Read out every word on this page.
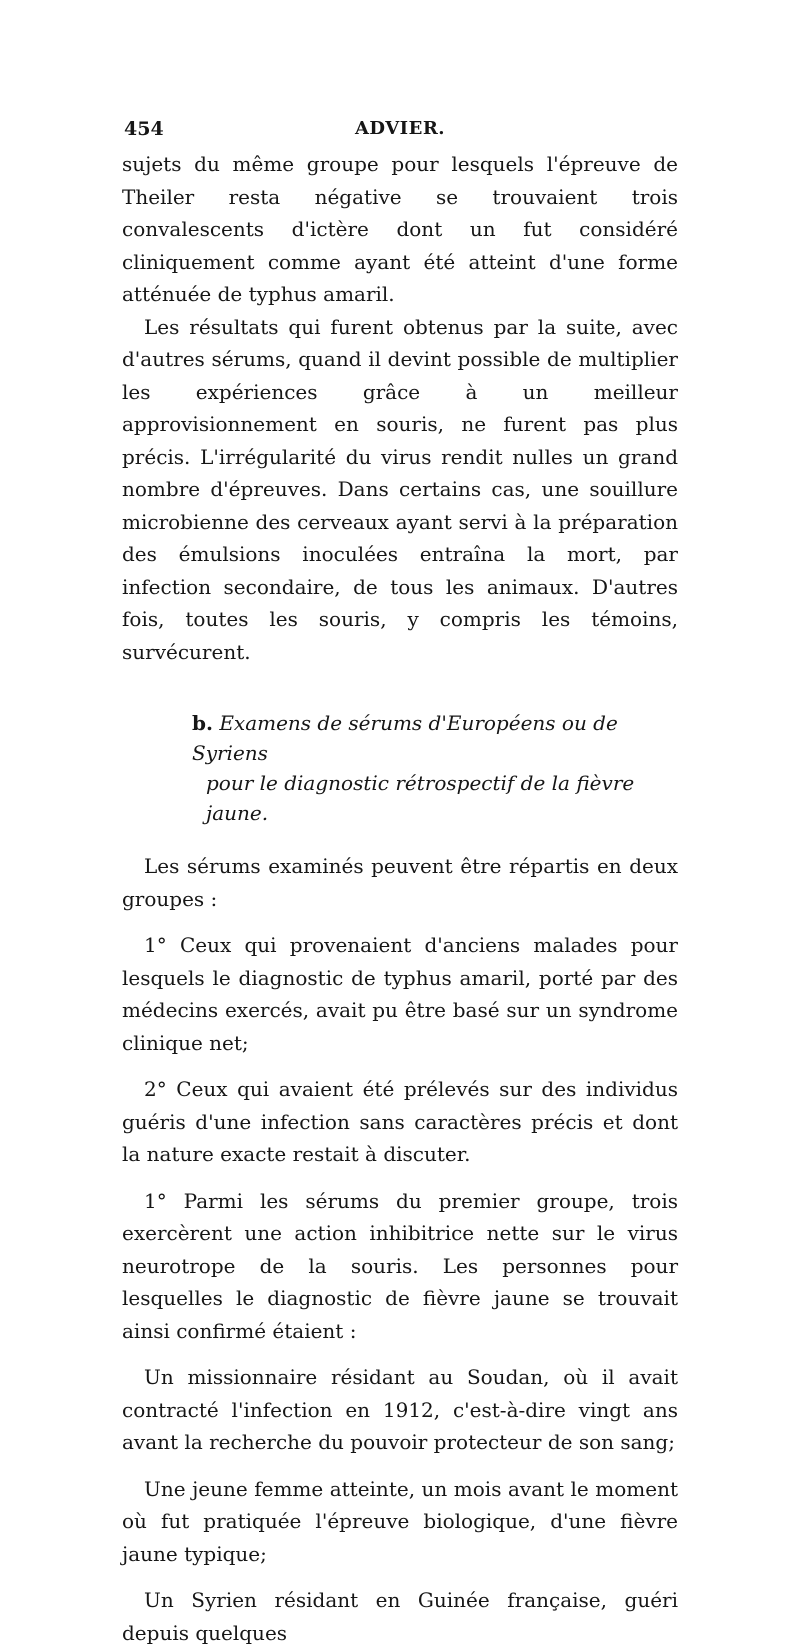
454	ADVIER.

sujets du même groupe pour lesquels l'épreuve de Theiler resta négative se trouvaient trois convalescents d'ictère dont un fut considéré cliniquement comme ayant été atteint d'une forme atténuée de typhus amaril.

Les résultats qui furent obtenus par la suite, avec d'autres sérums, quand il devint possible de multiplier les expériences grâce à un meilleur approvisionnement en souris, ne furent pas plus précis. L'irrégularité du virus rendit nulles un grand nombre d'épreuves. Dans certains cas, une souillure microbienne des cerveaux ayant servi à la préparation des émulsions inoculées entraîna la mort, par infection secondaire, de tous les animaux. D'autres fois, toutes les souris, y compris les témoins, survécurent.

b. Examens de sérums d'Européens ou de Syriens
pour le diagnostic rétrospectif de la fièvre jaune.

Les sérums examinés peuvent être répartis en deux groupes :

1° Ceux qui provenaient d'anciens malades pour lesquels le diagnostic de typhus amaril, porté par des médecins exercés, avait pu être basé sur un syndrome clinique net;

2° Ceux qui avaient été prélevés sur des individus guéris d'une infection sans caractères précis et dont la nature exacte restait à discuter.

1° Parmi les sérums du premier groupe, trois exercèrent une action inhibitrice nette sur le virus neurotrope de la souris. Les personnes pour lesquelles le diagnostic de fièvre jaune se trouvait ainsi confirmé étaient :

Un missionnaire résidant au Soudan, où il avait contracté l'infection en 1912, c'est-à-dire vingt ans avant la recherche du pouvoir protecteur de son sang;

Une jeune femme atteinte, un mois avant le moment où fut pratiquée l'épreuve biologique, d'une fièvre jaune typique;

Un Syrien résidant en Guinée française, guéri depuis quelques
